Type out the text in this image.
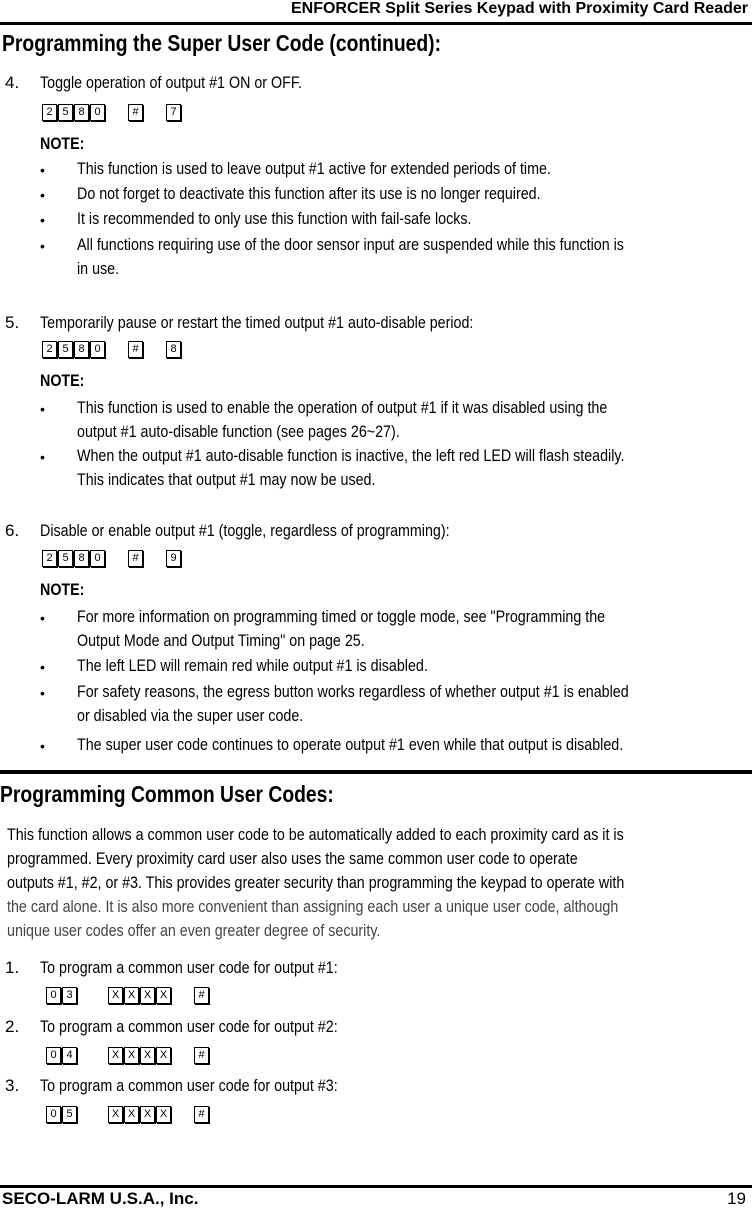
ENFORCER Split Series Keypad with Proximity Card Reader
Programming the Super User Code (continued):
4. Toggle operation of output #1 ON or OFF.
2 5 8 0	#	7
NOTE:
• This function is used to leave output #1 active for extended periods of time.
• Do not forget to deactivate this function after its use is no longer required.
• It is recommended to only use this function with fail-safe locks.
• All functions requiring use of the door sensor input are suspended while this function is
in use.
5. Temporarily pause or restart the timed output #1 auto-disable period:
2 5 8 0	#	8
NOTE:
• This function is used to enable the operation of output #1 if it was disabled using the
output #1 auto-disable function (see pages 26~27).
• When the output #1 auto-disable function is inactive, the left red LED will flash steadily.
This indicates that output #1 may now be used.
6. Disable or enable output #1 (toggle, regardless of programming):
2 5 8 0	#	9
NOTE:
• For more information on programming timed or toggle mode, see "Programming the
Output Mode and Output Timing" on page 25.
• The left LED will remain red while output #1 is disabled.
• For safety reasons, the egress button works regardless of whether output #1 is enabled
or disabled via the super user code.
• The super user code continues to operate output #1 even while that output is disabled.
Programming Common User Codes:
This function allows a common user code to be automatically added to each proximity card as it is
programmed. Every proximity card user also uses the same common user code to operate
outputs #1, #2, or #3. This provides greater security than programming the keypad to operate with
the card alone. It is also more convenient than assigning each user a unique user code, although
unique user codes offer an even greater degree of security.
1. To program a common user code for output #1:
0 3	X X X X	#
2. To program a common user code for output #2:
0 4	X X X X	#
3. To program a common user code for output #3:
0 5	X X X X	#
SECO-LARM U.S.A., Inc.	19
